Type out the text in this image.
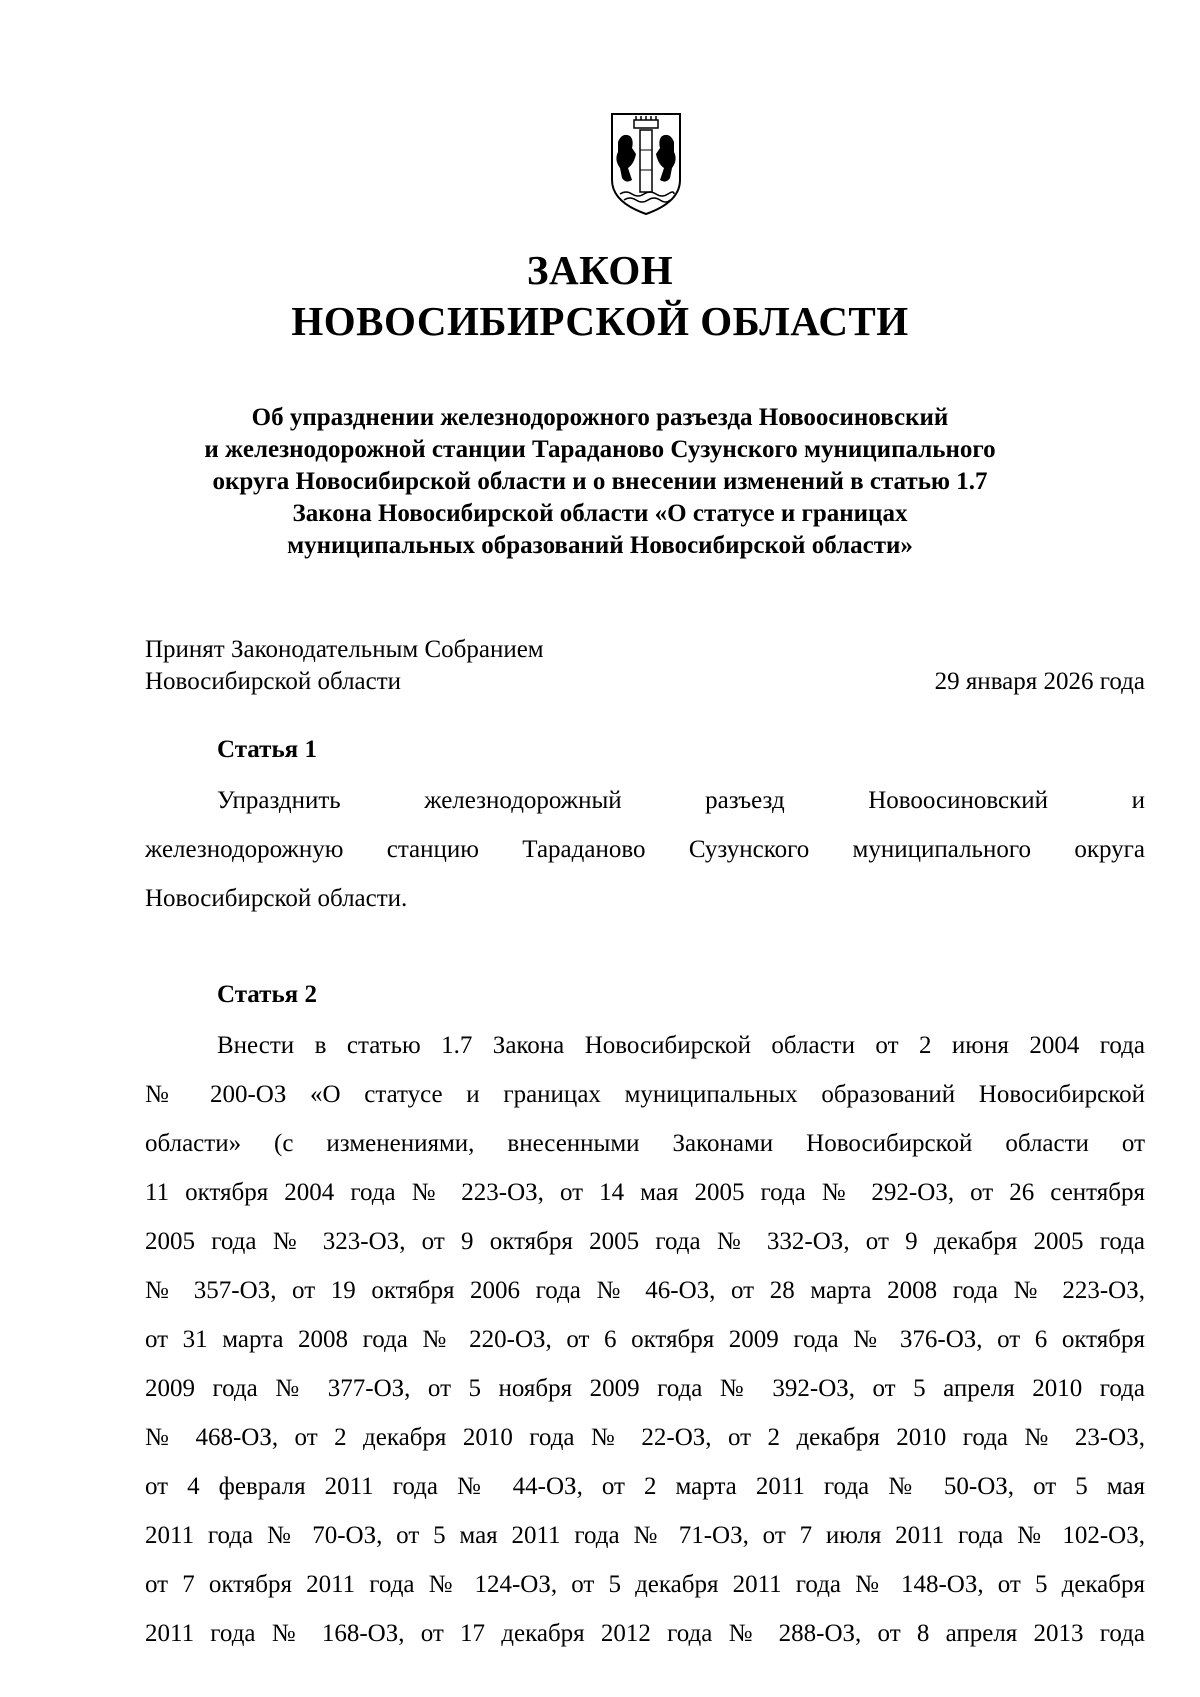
ЗАКОН
НОВОСИБИРСКОЙ ОБЛАСТИ
Об упразднении железнодорожного разъезда Новоосиновский
и железнодорожной станции Тараданово Сузунского муниципального
округа Новосибирской области и о внесении изменений в статью 1.7
Закона Новосибирской области «О статусе и границах
муниципальных образований Новосибирской области»
Принят Законодательным Собранием
Новосибирской области	29 января 2026 года
Статья 1
Упразднить железнодорожный разъезд Новоосиновский и
железнодорожную станцию Тараданово Сузунского муниципального округа
Новосибирской области.
Статья 2
Внести в статью 1.7 Закона Новосибирской области от 2 июня 2004 года
№ 200-ОЗ «О статусе и границах муниципальных образований Новосибирской
области» (с изменениями, внесенными Законами Новосибирской области от
11 октября 2004 года № 223-ОЗ, от 14 мая 2005 года № 292-ОЗ, от 26 сентября
2005 года № 323-ОЗ, от 9 октября 2005 года № 332-ОЗ, от 9 декабря 2005 года
№ 357-ОЗ, от 19 октября 2006 года № 46-ОЗ, от 28 марта 2008 года № 223-ОЗ,
от 31 марта 2008 года № 220-ОЗ, от 6 октября 2009 года № 376-ОЗ, от 6 октября
2009 года № 377-ОЗ, от 5 ноября 2009 года № 392-ОЗ, от 5 апреля 2010 года
№ 468-ОЗ, от 2 декабря 2010 года № 22-ОЗ, от 2 декабря 2010 года № 23-ОЗ,
от 4 февраля 2011 года № 44-ОЗ, от 2 марта 2011 года № 50-ОЗ, от 5 мая
2011 года № 70-ОЗ, от 5 мая 2011 года № 71-ОЗ, от 7 июля 2011 года № 102-ОЗ,
от 7 октября 2011 года № 124-ОЗ, от 5 декабря 2011 года № 148-ОЗ, от 5 декабря
2011 года № 168-ОЗ, от 17 декабря 2012 года № 288-ОЗ, от 8 апреля 2013 года
